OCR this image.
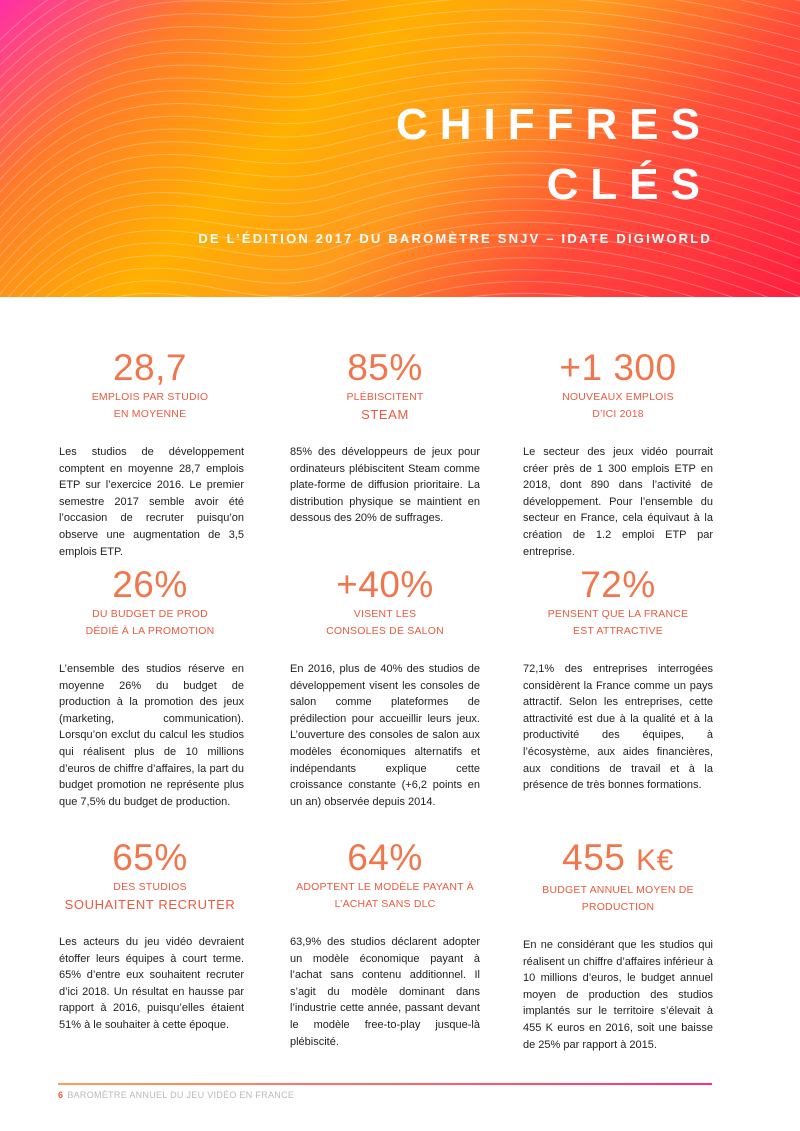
CHIFFRES
CLÉS
DE L’ÉDITION 2017 DU BAROMÈTRE SNJV – IDATE DIGIWORLD
28,7
EMPLOIS PAR STUDIO
EN MOYENNE

Les studios de développement comptent en moyenne 28,7 emplois ETP sur l’exercice 2016. Le premier semestre 2017 semble avoir été l’occasion de recruter puisqu’on observe une augmentation de 3,5 emplois ETP.

85%
PLÉBISCITENT
STEAM

85% des développeurs de jeux pour ordinateurs plébiscitent Steam comme plate-forme de diffusion prioritaire. La distribution physique se maintient en dessous des 20% de suffrages.

+1 300
NOUVEAUX EMPLOIS
D’ICI 2018

Le secteur des jeux vidéo pourrait créer près de 1 300 emplois ETP en 2018, dont 890 dans l’activité de développement. Pour l’ensemble du secteur en France, cela équivaut à la création de 1.2 emploi ETP par entreprise.

26%
DU BUDGET DE PROD
DÉDIÉ À LA PROMOTION

L’ensemble des studios réserve en moyenne 26% du budget de production à la promotion des jeux (marketing, communication). Lorsqu’on exclut du calcul les studios qui réalisent plus de 10 millions d’euros de chiffre d’affaires, la part du budget promotion ne représente plus que 7,5% du budget de production.

+40%
VISENT LES
CONSOLES DE SALON

En 2016, plus de 40% des studios de développement visent les consoles de salon comme plateformes de prédilection pour accueillir leurs jeux. L’ouverture des consoles de salon aux modèles économiques alternatifs et indépendants explique cette croissance constante (+6,2 points en un an) observée depuis 2014.

72%
PENSENT QUE LA FRANCE
EST ATTRACTIVE

72,1% des entreprises interrogées considèrent la France comme un pays attractif. Selon les entreprises, cette attractivité est due à la qualité et à la productivité des équipes, à l’écosystème, aux aides financières, aux conditions de travail et à la présence de très bonnes formations.

65%
DES STUDIOS
SOUHAITENT RECRUTER

Les acteurs du jeu vidéo devraient étoffer leurs équipes à court terme. 65% d’entre eux souhaitent recruter d’ici 2018. Un résultat en hausse par rapport à 2016, puisqu’elles étaient 51% à le souhaiter à cette époque.

64%
ADOPTENT LE MODÈLE PAYANT À
L’ACHAT SANS DLC

63,9% des studios déclarent adopter un modèle économique payant à l’achat sans contenu additionnel. Il s’agit du modèle dominant dans l’industrie cette année, passant devant le modèle free-to-play jusque-là plébiscité.

455 K€
BUDGET ANNUEL MOYEN DE
PRODUCTION

En ne considérant que les studios qui réalisent un chiffre d’affaires inférieur à 10 millions d’euros, le budget annuel moyen de production des studios implantés sur le territoire s’élevait à 455 K euros en 2016, soit une baisse de 25% par rapport à 2015.

6 BAROMÈTRE ANNUEL DU JEU VIDÉO EN FRANCE
